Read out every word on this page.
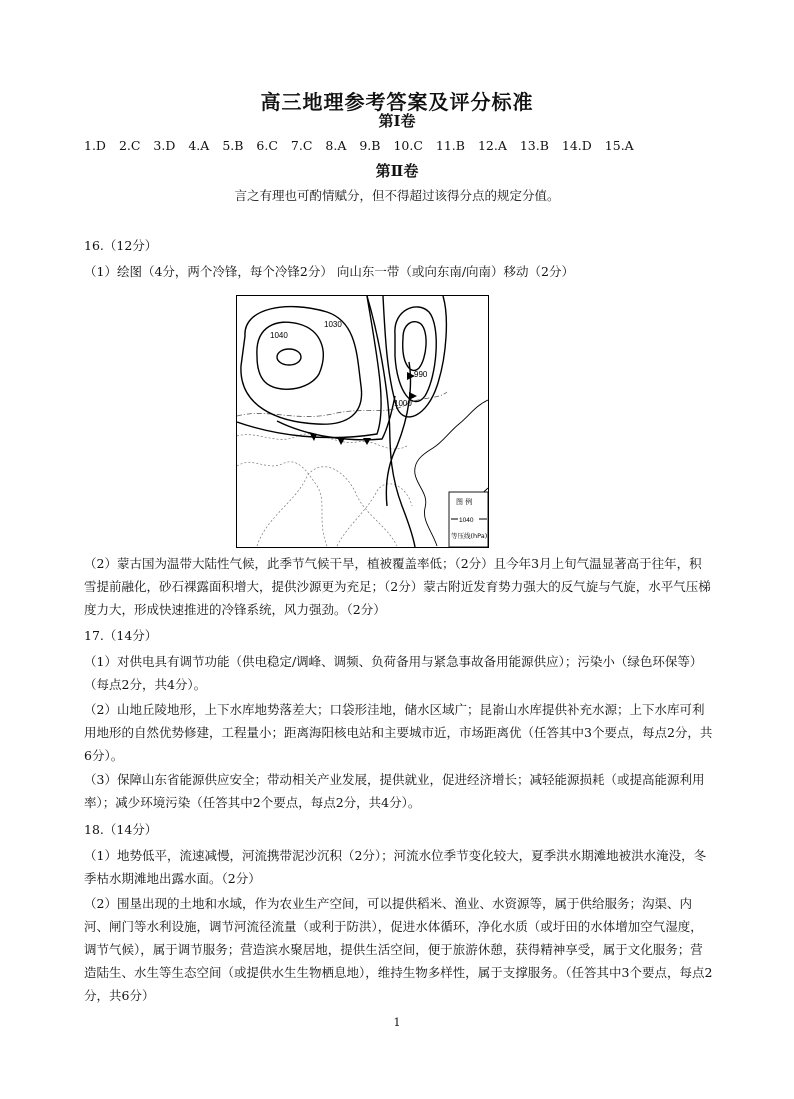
高三地理参考答案及评分标准
第Ⅰ卷
1.D 2.C 3.D 4.A 5.B 6.C 7.C 8.A 9.B 10.C 11.B 12.A 13.B 14.D 15.A
第Ⅱ卷
言之有理也可酌情赋分，但不得超过该得分点的规定分值。
16.（12分）
（1）绘图（4分，两个冷锋，每个冷锋2分） 向山东一带（或向东南/向南）移动（2分）
1040
1030
990
1000
图 例
1040
等压线(hPa)
（2）蒙古国为温带大陆性气候，此季节气候干旱，植被覆盖率低；（2分）且今年3月上旬气温显著高于往年，积雪提前融化，砂石裸露面积增大，提供沙源更为充足；（2分）蒙古附近发育势力强大的反气旋与气旋，水平气压梯度力大，形成快速推进的冷锋系统，风力强劲。（2分）
17.（14分）
（1）对供电具有调节功能（供电稳定/调峰、调频、负荷备用与紧急事故备用能源供应）；污染小（绿色环保等）（每点2分，共4分）。
（2）山地丘陵地形，上下水库地势落差大；口袋形洼地，储水区域广；昆嵛山水库提供补充水源；上下水库可利用地形的自然优势修建，工程量小；距离海阳核电站和主要城市近，市场距离优（任答其中3个要点，每点2分，共6分）。
（3）保障山东省能源供应安全；带动相关产业发展，提供就业，促进经济增长；减轻能源损耗（或提高能源利用率）；减少环境污染（任答其中2个要点，每点2分，共4分）。
18.（14分）
（1）地势低平，流速减慢，河流携带泥沙沉积（2分）；河流水位季节变化较大，夏季洪水期滩地被洪水淹没，冬季枯水期滩地出露水面。（2分）
（2）围垦出现的土地和水域，作为农业生产空间，可以提供稻米、渔业、水资源等，属于供给服务；沟渠、内河、闸门等水利设施，调节河流径流量（或利于防洪），促进水体循环，净化水质（或圩田的水体增加空气湿度，调节气候），属于调节服务；营造滨水聚居地，提供生活空间，便于旅游休憩，获得精神享受，属于文化服务；营造陆生、水生等生态空间（或提供水生生物栖息地），维持生物多样性，属于支撑服务。（任答其中3个要点，每点2分，共6分）
1
